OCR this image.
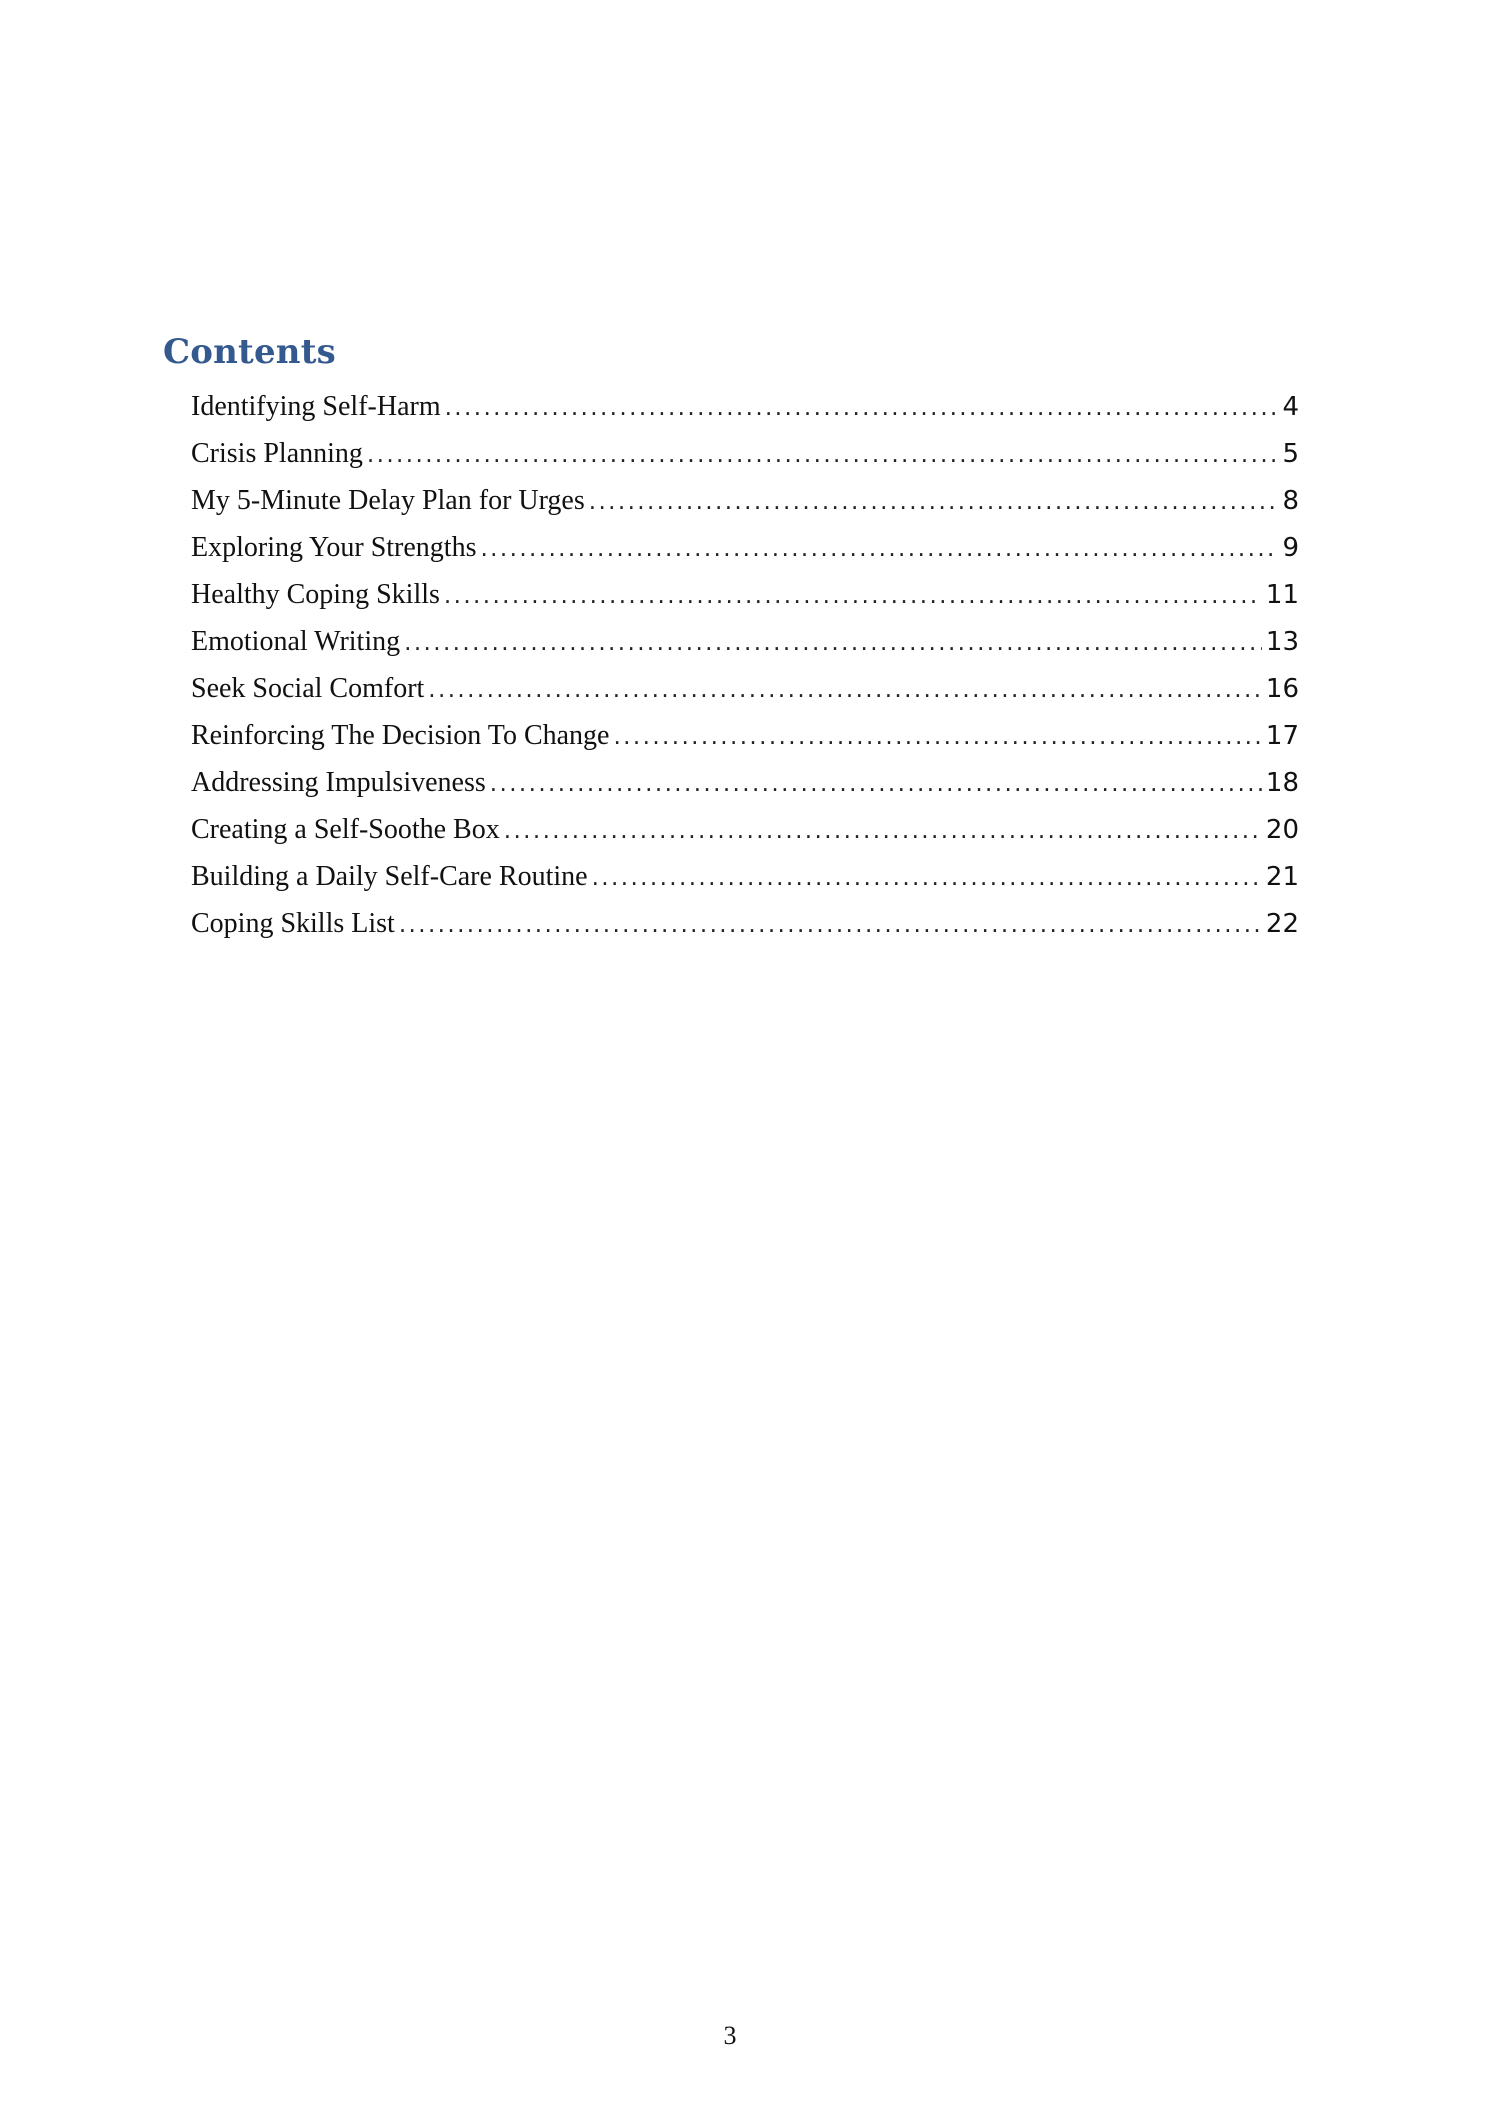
Contents
Identifying Self-Harm .....	4
Crisis Planning .....	5
My 5-Minute Delay Plan for Urges .....	8
Exploring Your Strengths .....	9
Healthy Coping Skills .....	11
Emotional Writing .....	13
Seek Social Comfort .....	16
Reinforcing The Decision To Change .....	17
Addressing Impulsiveness .....	18
Creating a Self-Soothe Box .....	20
Building a Daily Self-Care Routine .....	21
Coping Skills List .....	22
3
